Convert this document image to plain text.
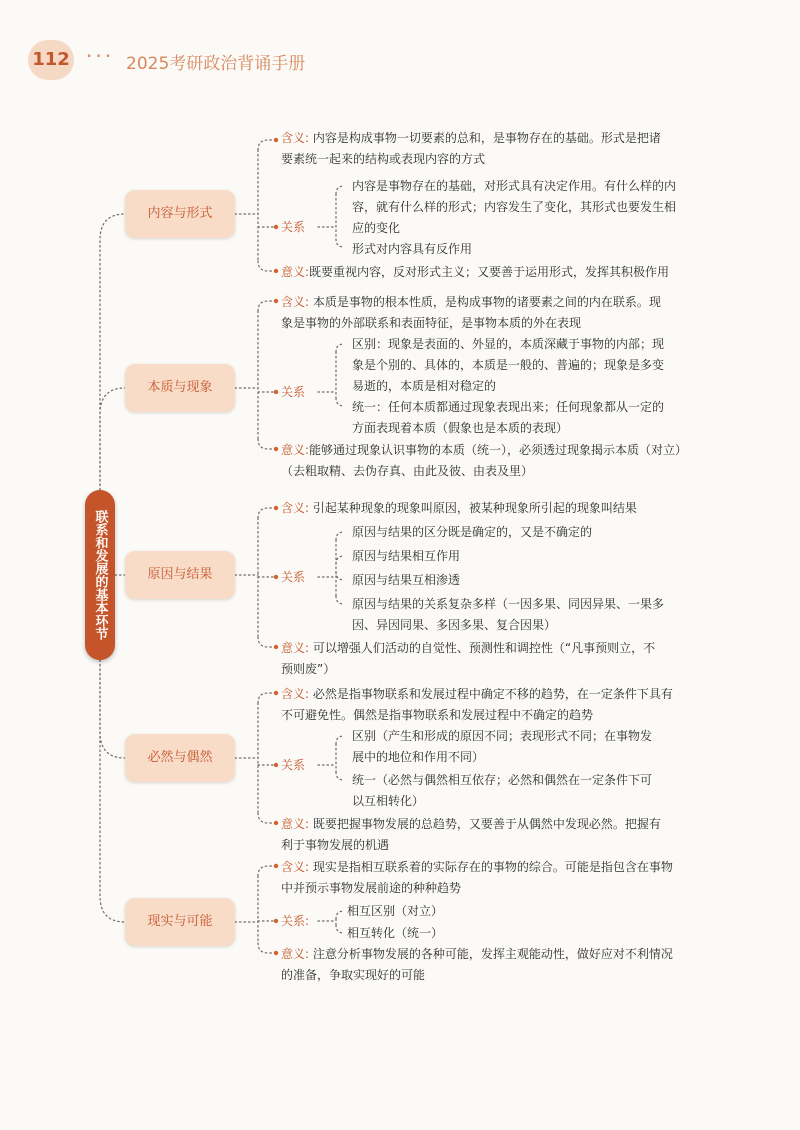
112 ··· 2025考研政治背诵手册
联系和发展的基本环节
内容与形式
含义: 内容是构成事物一切要素的总和，是事物存在的基础。形式是把诸
要素统一起来的结构或表现内容的方式
关系
内容是事物存在的基础，对形式具有决定作用。有什么样的内
容，就有什么样的形式；内容发生了变化，其形式也要发生相
应的变化
形式对内容具有反作用
意义:既要重视内容，反对形式主义；又要善于运用形式，发挥其积极作用
本质与现象
含义: 本质是事物的根本性质，是构成事物的诸要素之间的内在联系。现
象是事物的外部联系和表面特征，是事物本质的外在表现
关系
区别：现象是表面的、外显的，本质深藏于事物的内部；现
象是个别的、具体的，本质是一般的、普遍的；现象是多变
易逝的，本质是相对稳定的
统一：任何本质都通过现象表现出来；任何现象都从一定的
方面表现着本质（假象也是本质的表现）
意义:能够通过现象认识事物的本质（统一），必须透过现象揭示本质（对立）
（去粗取精、去伪存真、由此及彼、由表及里）
原因与结果
含义: 引起某种现象的现象叫原因，被某种现象所引起的现象叫结果
关系
原因与结果的区分既是确定的，又是不确定的
原因与结果相互作用
原因与结果互相渗透
原因与结果的关系复杂多样（一因多果、同因异果、一果多
因、异因同果、多因多果、复合因果）
意义: 可以增强人们活动的自觉性、预测性和调控性（“凡事预则立，不
预则废”）
必然与偶然
含义: 必然是指事物联系和发展过程中确定不移的趋势，在一定条件下具有
不可避免性。偶然是指事物联系和发展过程中不确定的趋势
关系
区别（产生和形成的原因不同；表现形式不同；在事物发
展中的地位和作用不同）
统一（必然与偶然相互依存；必然和偶然在一定条件下可
以互相转化）
意义: 既要把握事物发展的总趋势，又要善于从偶然中发现必然。把握有
利于事物发展的机遇
现实与可能
含义: 现实是指相互联系着的实际存在的事物的综合。可能是指包含在事物
中并预示事物发展前途的种种趋势
关系:
相互区别（对立）
相互转化（统一）
意义: 注意分析事物发展的各种可能，发挥主观能动性，做好应对不利情况
的准备，争取实现好的可能
